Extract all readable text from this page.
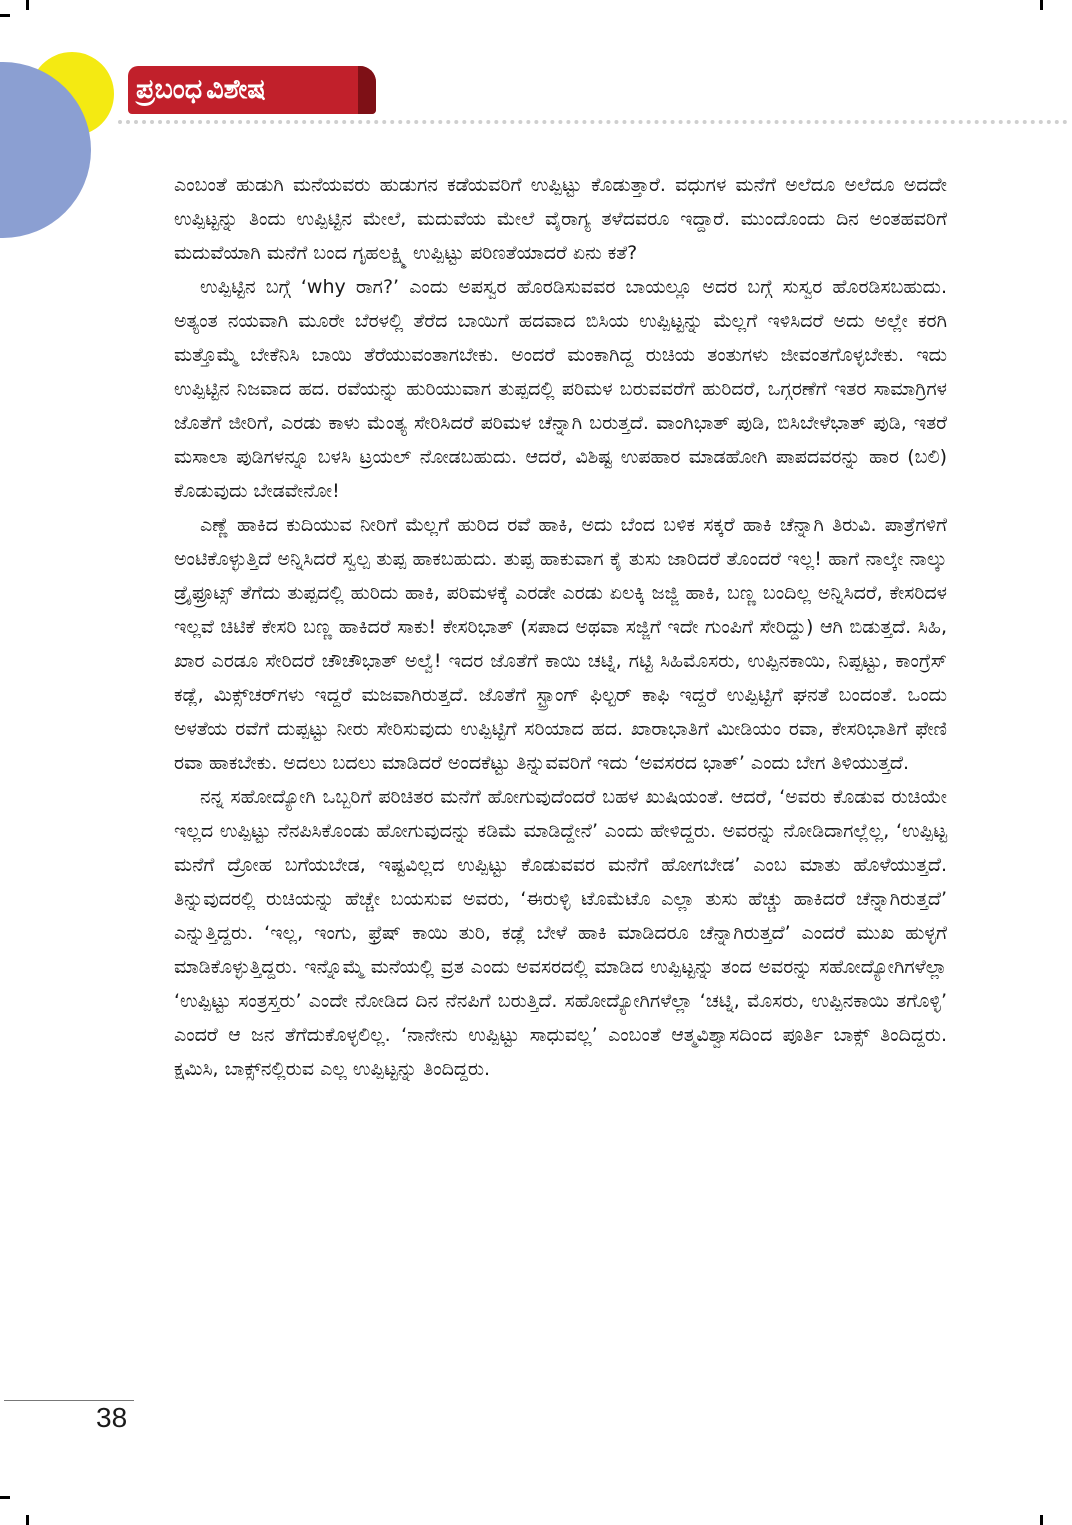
ಪ್ರಬಂಧ ವಿಶೇಷ

ಎಂಬಂತೆ ಹುಡುಗಿ ಮನೆಯವರು ಹುಡುಗನ ಕಡೆಯವರಿಗೆ ಉಪ್ಪಿಟ್ಟು ಕೊಡುತ್ತಾರೆ. ವಧುಗಳ ಮನೆಗೆ ಅಲೆದೂ ಅಲೆದೂ ಅದದೇ ಉಪ್ಪಿಟ್ಟನ್ನು ತಿಂದು ಉಪ್ಪಿಟ್ಟಿನ ಮೇಲೆ, ಮದುವೆಯ ಮೇಲೆ ವೈರಾಗ್ಯ ತಳೆದವರೂ ಇದ್ದಾರೆ. ಮುಂದೊಂದು ದಿನ ಅಂತಹವರಿಗೆ ಮದುವೆಯಾಗಿ ಮನೆಗೆ ಬಂದ ಗೃಹಲಕ್ಷ್ಮಿ ಉಪ್ಪಿಟ್ಟು ಪರಿಣತೆಯಾದರೆ ಏನು ಕತೆ?

ಉಪ್ಪಿಟ್ಟಿನ ಬಗ್ಗೆ ‘why ರಾಗ?’ ಎಂದು ಅಪಸ್ವರ ಹೊರಡಿಸುವವರ ಬಾಯಲ್ಲೂ ಅದರ ಬಗ್ಗೆ ಸುಸ್ವರ ಹೊರಡಿಸಬಹುದು. ಅತ್ಯಂತ ನಯವಾಗಿ ಮೂರೇ ಬೆರಳಲ್ಲಿ ತೆರೆದ ಬಾಯಿಗೆ ಹದವಾದ ಬಿಸಿಯ ಉಪ್ಪಿಟ್ಟನ್ನು ಮೆಲ್ಲಗೆ ಇಳಿಸಿದರೆ ಅದು ಅಲ್ಲೇ ಕರಗಿ ಮತ್ತೊಮ್ಮೆ ಬೇಕೆನಿಸಿ ಬಾಯಿ ತೆರೆಯುವಂತಾಗಬೇಕು. ಅಂದರೆ ಮಂಕಾಗಿದ್ದ ರುಚಿಯ ತಂತುಗಳು ಜೀವಂತಗೊಳ್ಳಬೇಕು. ಇದು ಉಪ್ಪಿಟ್ಟಿನ ನಿಜವಾದ ಹದ. ರವೆಯನ್ನು ಹುರಿಯುವಾಗ ತುಪ್ಪದಲ್ಲಿ ಪರಿಮಳ ಬರುವವರೆಗೆ ಹುರಿದರೆ, ಒಗ್ಗರಣೆಗೆ ಇತರ ಸಾಮಾಗ್ರಿಗಳ ಜೊತೆಗೆ ಜೀರಿಗೆ, ಎರಡು ಕಾಳು ಮೆಂತ್ಯ ಸೇರಿಸಿದರೆ ಪರಿಮಳ ಚೆನ್ನಾಗಿ ಬರುತ್ತದೆ. ವಾಂಗಿಭಾತ್ ಪುಡಿ, ಬಿಸಿಬೇಳೆಭಾತ್ ಪುಡಿ, ಇತರೆ ಮಸಾಲಾ ಪುಡಿಗಳನ್ನೂ ಬಳಸಿ ಟ್ರಯಲ್ ನೋಡಬಹುದು. ಆದರೆ, ವಿಶಿಷ್ಟ ಉಪಹಾರ ಮಾಡಹೋಗಿ ಪಾಪದವರನ್ನು ಹಾರ (ಬಲಿ) ಕೊಡುವುದು ಬೇಡವೇನೋ!

ಎಣ್ಣೆ ಹಾಕಿದ ಕುದಿಯುವ ನೀರಿಗೆ ಮೆಲ್ಲಗೆ ಹುರಿದ ರವೆ ಹಾಕಿ, ಅದು ಬೆಂದ ಬಳಿಕ ಸಕ್ಕರೆ ಹಾಕಿ ಚೆನ್ನಾಗಿ ತಿರುವಿ. ಪಾತ್ರೆಗಳಿಗೆ ಅಂಟಿಕೊಳ್ಳುತ್ತಿದೆ ಅನ್ನಿಸಿದರೆ ಸ್ವಲ್ಪ ತುಪ್ಪ ಹಾಕಬಹುದು. ತುಪ್ಪ ಹಾಕುವಾಗ ಕೈ ತುಸು ಜಾರಿದರೆ ತೊಂದರೆ ಇಲ್ಲ! ಹಾಗೆ ನಾಲ್ಕೇ ನಾಲ್ಕು ಡ್ರೈಫ್ರೂಟ್ಸ್ ತೆಗೆದು ತುಪ್ಪದಲ್ಲಿ ಹುರಿದು ಹಾಕಿ, ಪರಿಮಳಕ್ಕೆ ಎರಡೇ ಎರಡು ಏಲಕ್ಕಿ ಜಜ್ಜಿ ಹಾಕಿ, ಬಣ್ಣ ಬಂದಿಲ್ಲ ಅನ್ನಿಸಿದರೆ, ಕೇಸರಿದಳ ಇಲ್ಲವೆ ಚಿಟಿಕೆ ಕೇಸರಿ ಬಣ್ಣ ಹಾಕಿದರೆ ಸಾಕು! ಕೇಸರಿಭಾತ್ (ಸಪಾದ ಅಥವಾ ಸಜ್ಜಿಗೆ ಇದೇ ಗುಂಪಿಗೆ ಸೇರಿದ್ದು) ಆಗಿ ಬಿಡುತ್ತದೆ. ಸಿಹಿ, ಖಾರ ಎರಡೂ ಸೇರಿದರೆ ಚೌಚೌಭಾತ್ ಅಲ್ವೆ! ಇದರ ಜೊತೆಗೆ ಕಾಯಿ ಚಟ್ನಿ, ಗಟ್ಟಿ ಸಿಹಿಮೊಸರು, ಉಪ್ಪಿನಕಾಯಿ, ನಿಪ್ಪಟ್ಟು, ಕಾಂಗ್ರೆಸ್ ಕಡ್ಲೆ, ಮಿಕ್ಸ್‌ಚರ್‌ಗಳು ಇದ್ದರೆ ಮಜವಾಗಿರುತ್ತದೆ. ಜೊತೆಗೆ ಸ್ಟ್ರಾಂಗ್ ಫಿಲ್ಟರ್ ಕಾಫಿ ಇದ್ದರೆ ಉಪ್ಪಿಟ್ಟಿಗೆ ಘನತೆ ಬಂದಂತೆ. ಒಂದು ಅಳತೆಯ ರವೆಗೆ ದುಪ್ಪಟ್ಟು ನೀರು ಸೇರಿಸುವುದು ಉಪ್ಪಿಟ್ಟಿಗೆ ಸರಿಯಾದ ಹದ. ಖಾರಾಭಾತಿಗೆ ಮೀಡಿಯಂ ರವಾ, ಕೇಸರಿಭಾತಿಗೆ ಫೇಣಿ ರವಾ ಹಾಕಬೇಕು. ಅದಲು ಬದಲು ಮಾಡಿದರೆ ಅಂದಕೆಟ್ಟು ತಿನ್ನುವವರಿಗೆ ಇದು ‘ಅವಸರದ ಭಾತ್’ ಎಂದು ಬೇಗ ತಿಳಿಯುತ್ತದೆ.

ನನ್ನ ಸಹೋದ್ಯೋಗಿ ಒಬ್ಬರಿಗೆ ಪರಿಚಿತರ ಮನೆಗೆ ಹೋಗುವುದೆಂದರೆ ಬಹಳ ಖುಷಿಯಂತೆ. ಆದರೆ, ‘ಅವರು ಕೊಡುವ ರುಚಿಯೇ ಇಲ್ಲದ ಉಪ್ಪಿಟ್ಟು ನೆನಪಿಸಿಕೊಂಡು ಹೋಗುವುದನ್ನು ಕಡಿಮೆ ಮಾಡಿದ್ದೇನೆ’ ಎಂದು ಹೇಳಿದ್ದರು. ಅವರನ್ನು ನೋಡಿದಾಗಲ್ಲೆಲ್ಲ, ‘ಉಪ್ಪಿಟ್ಟ ಮನೆಗೆ ದ್ರೋಹ ಬಗೆಯಬೇಡ, ಇಷ್ಟವಿಲ್ಲದ ಉಪ್ಪಿಟ್ಟು ಕೊಡುವವರ ಮನೆಗೆ ಹೋಗಬೇಡ’ ಎಂಬ ಮಾತು ಹೊಳೆಯುತ್ತದೆ. ತಿನ್ನುವುದರಲ್ಲಿ ರುಚಿಯನ್ನು ಹೆಚ್ಚೇ ಬಯಸುವ ಅವರು, ‘ಈರುಳ್ಳಿ ಟೊಮೆಟೊ ಎಲ್ಲಾ ತುಸು ಹೆಚ್ಚು ಹಾಕಿದರೆ ಚೆನ್ನಾಗಿರುತ್ತದೆ’ ಎನ್ನುತ್ತಿದ್ದರು. ‘ಇಲ್ಲ, ಇಂಗು, ಫ್ರೆಷ್ ಕಾಯಿ ತುರಿ, ಕಡ್ಲೆ ಬೇಳೆ ಹಾಕಿ ಮಾಡಿದರೂ ಚೆನ್ನಾಗಿರುತ್ತದೆ’ ಎಂದರೆ ಮುಖ ಹುಳ್ಳಗೆ ಮಾಡಿಕೊಳ್ಳುತ್ತಿದ್ದರು. ಇನ್ನೊಮ್ಮೆ ಮನೆಯಲ್ಲಿ ವ್ರತ ಎಂದು ಅವಸರದಲ್ಲಿ ಮಾಡಿದ ಉಪ್ಪಿಟ್ಟನ್ನು ತಂದ ಅವರನ್ನು ಸಹೋದ್ಯೋಗಿಗಳೆಲ್ಲಾ ‘ಉಪ್ಪಿಟ್ಟು ಸಂತ್ರಸ್ತರು’ ಎಂದೇ ನೋಡಿದ ದಿನ ನೆನಪಿಗೆ ಬರುತ್ತಿದೆ. ಸಹೋದ್ಯೋಗಿಗಳೆಲ್ಲಾ ‘ಚಟ್ನಿ, ಮೊಸರು, ಉಪ್ಪಿನಕಾಯಿ ತಗೊಳ್ಳಿ’ ಎಂದರೆ ಆ ಜನ ತೆಗೆದುಕೊಳ್ಳಲಿಲ್ಲ. ‘ನಾನೇನು ಉಪ್ಪಿಟ್ಟು ಸಾಧುವಲ್ಲ’ ಎಂಬಂತೆ ಆತ್ಮವಿಶ್ವಾಸದಿಂದ ಪೂರ್ತಿ ಬಾಕ್ಸ್ ತಿಂದಿದ್ದರು. ಕ್ಷಮಿಸಿ, ಬಾಕ್ಸ್‌ನಲ್ಲಿರುವ ಎಲ್ಲ ಉಪ್ಪಿಟ್ಟನ್ನು ತಿಂದಿದ್ದರು.

38
